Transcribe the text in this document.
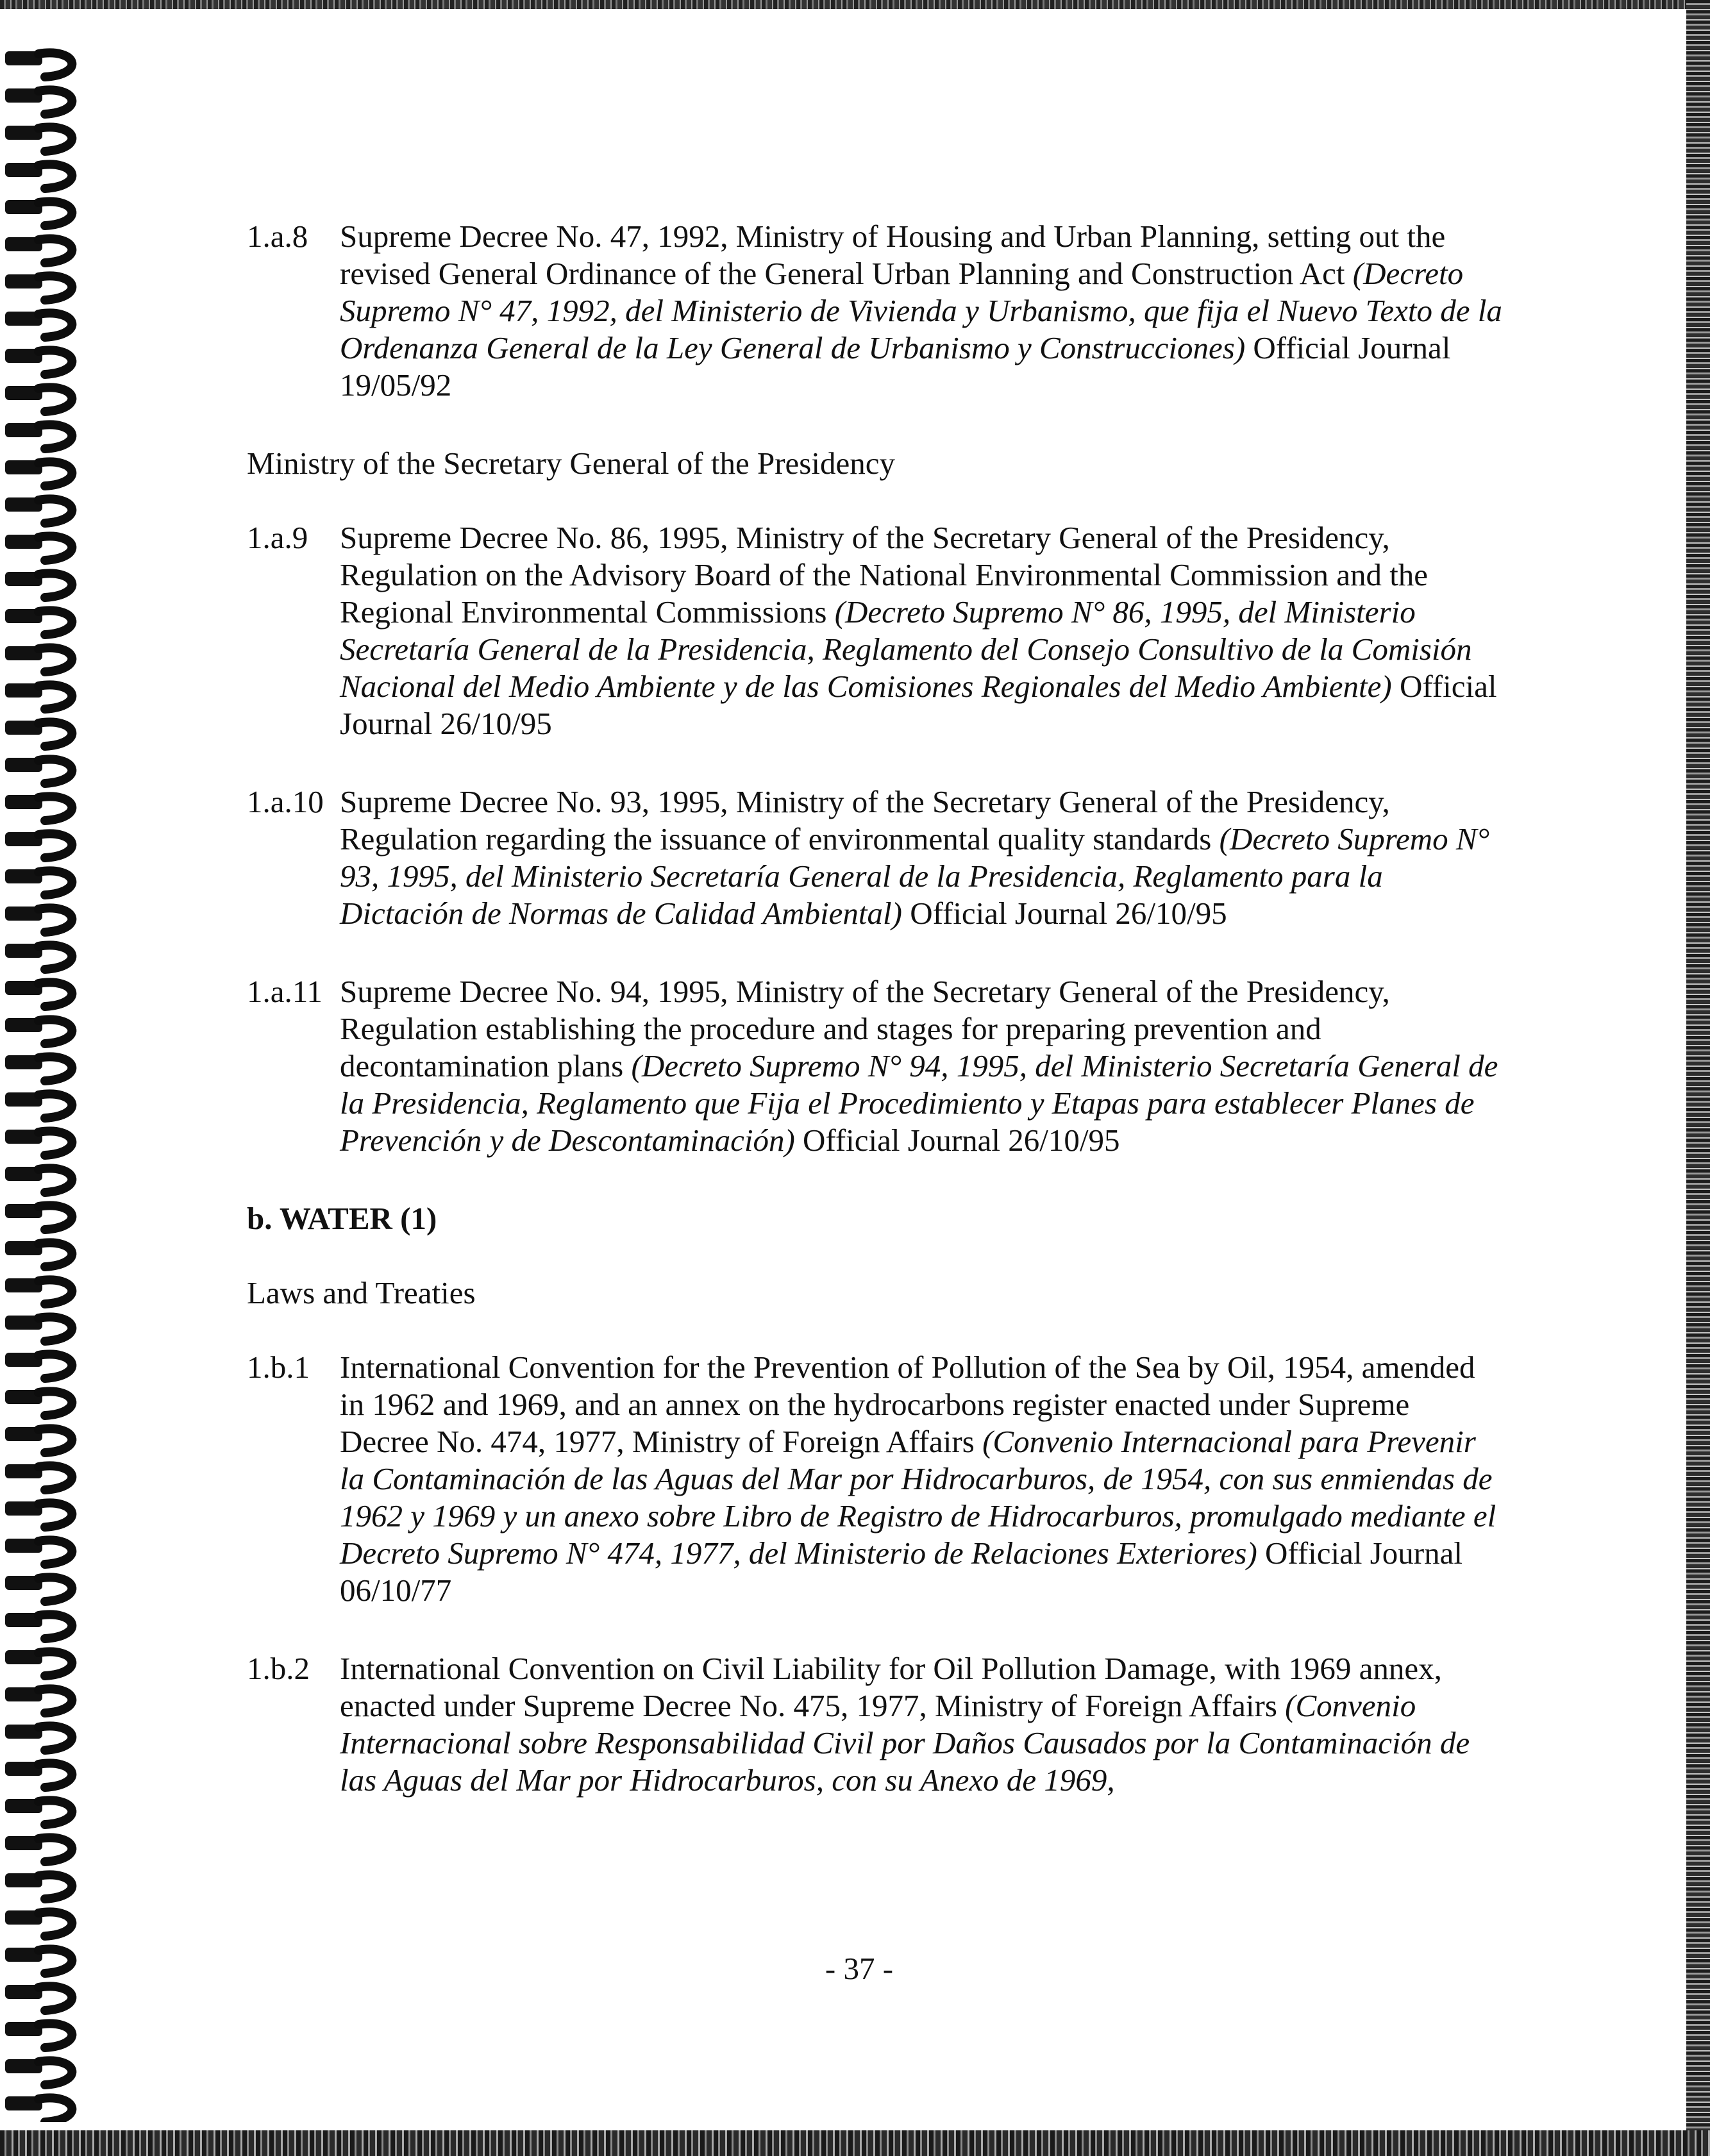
1.a.8	Supreme Decree No. 47, 1992, Ministry of Housing and Urban Planning, setting out the revised General Ordinance of the General Urban Planning and Construction Act (Decreto Supremo N° 47, 1992, del Ministerio de Vivienda y Urbanismo, que fija el Nuevo Texto de la Ordenanza General de la Ley General de Urbanismo y Construcciones) Official Journal 19/05/92
Ministry of the Secretary General of the Presidency
1.a.9	Supreme Decree No. 86, 1995, Ministry of the Secretary General of the Presidency, Regulation on the Advisory Board of the National Environmental Commission and the Regional Environmental Commissions (Decreto Supremo N° 86, 1995, del Ministerio Secretaría General de la Presidencia, Reglamento del Consejo Consultivo de la Comisión Nacional del Medio Ambiente y de las Comisiones Regionales del Medio Ambiente) Official Journal 26/10/95
1.a.10 Supreme Decree No. 93, 1995, Ministry of the Secretary General of the Presidency, Regulation regarding the issuance of environmental quality standards (Decreto Supremo N° 93, 1995, del Ministerio Secretaría General de la Presidencia, Reglamento para la Dictación de Normas de Calidad Ambiental) Official Journal 26/10/95
1.a.11 Supreme Decree No. 94, 1995, Ministry of the Secretary General of the Presidency, Regulation establishing the procedure and stages for preparing prevention and decontamination plans (Decreto Supremo N° 94, 1995, del Ministerio Secretaría General de la Presidencia, Reglamento que Fija el Procedimiento y Etapas para establecer Planes de Prevención y de Descontaminación) Official Journal 26/10/95
b. WATER (1)
Laws and Treaties
1.b.1 International Convention for the Prevention of Pollution of the Sea by Oil, 1954, amended in 1962 and 1969, and an annex on the hydrocarbons register enacted under Supreme Decree No. 474, 1977, Ministry of Foreign Affairs (Convenio Internacional para Prevenir la Contaminación de las Aguas del Mar por Hidrocarburos, de 1954, con sus enmiendas de 1962 y 1969 y un anexo sobre Libro de Registro de Hidrocarburos, promulgado mediante el Decreto Supremo N° 474, 1977, del Ministerio de Relaciones Exteriores) Official Journal 06/10/77
1.b.2 International Convention on Civil Liability for Oil Pollution Damage, with 1969 annex, enacted under Supreme Decree No. 475, 1977, Ministry of Foreign Affairs (Convenio Internacional sobre Responsabilidad Civil por Daños Causados por la Contaminación de las Aguas del Mar por Hidrocarburos, con su Anexo de 1969,
- 37 -
